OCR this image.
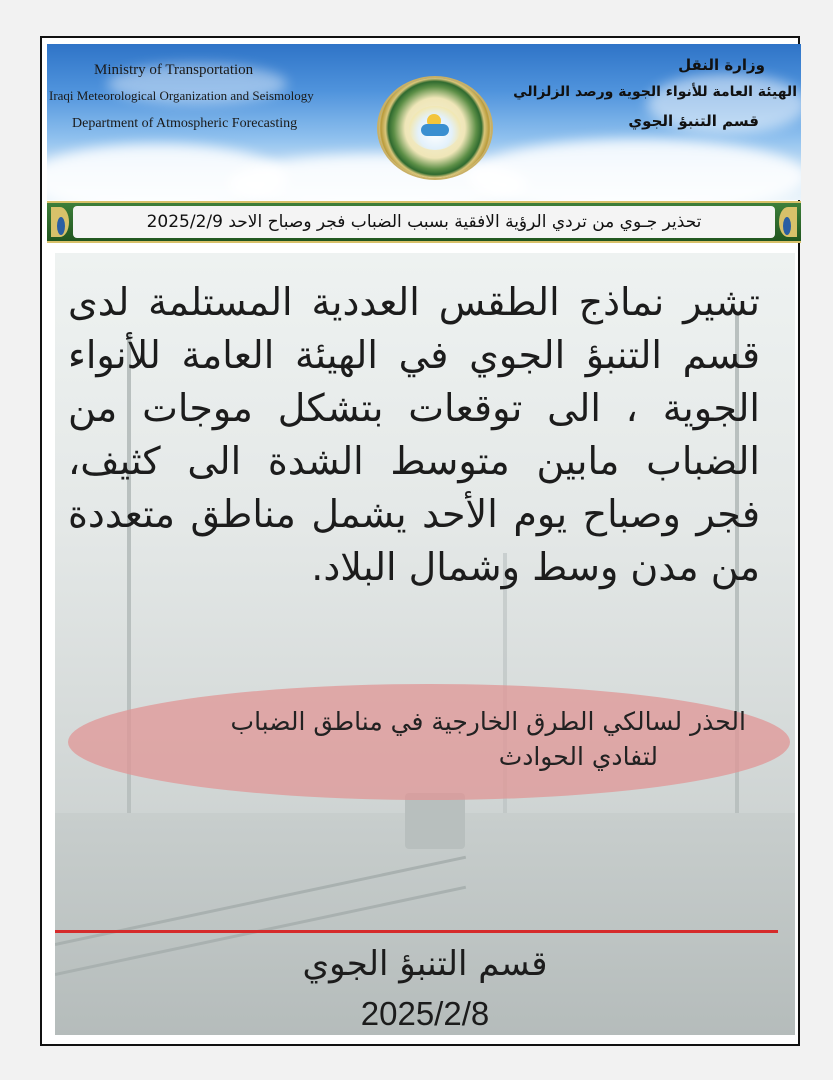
Ministry of Transportation
Iraqi Meteorological Organization and Seismology
Department of Atmospheric Forecasting
وزارة النقل
الهيئة العامة للأنواء الجوية ورصد الزلزالي
قسم التنبؤ الجوي
تحذير جـوي من تردي الرؤية الافقية بسبب الضباب فجر وصباح الاحد 2025/2/9
تشير نماذج الطقس العددية المستلمة لدى قسم التنبؤ الجوي في الهيئة العامة للأنواء الجوية ، الى توقعات بتشكل موجات من الضباب مابين متوسط الشدة الى كثيف، فجر وصباح يوم الأحد يشمل مناطق متعددة من مدن وسط وشمال البلاد.
الحذر لسالكي الطرق الخارجية في مناطق الضباب
لتفادي الحوادث
قسم التنبؤ الجوي
2025/2/8
